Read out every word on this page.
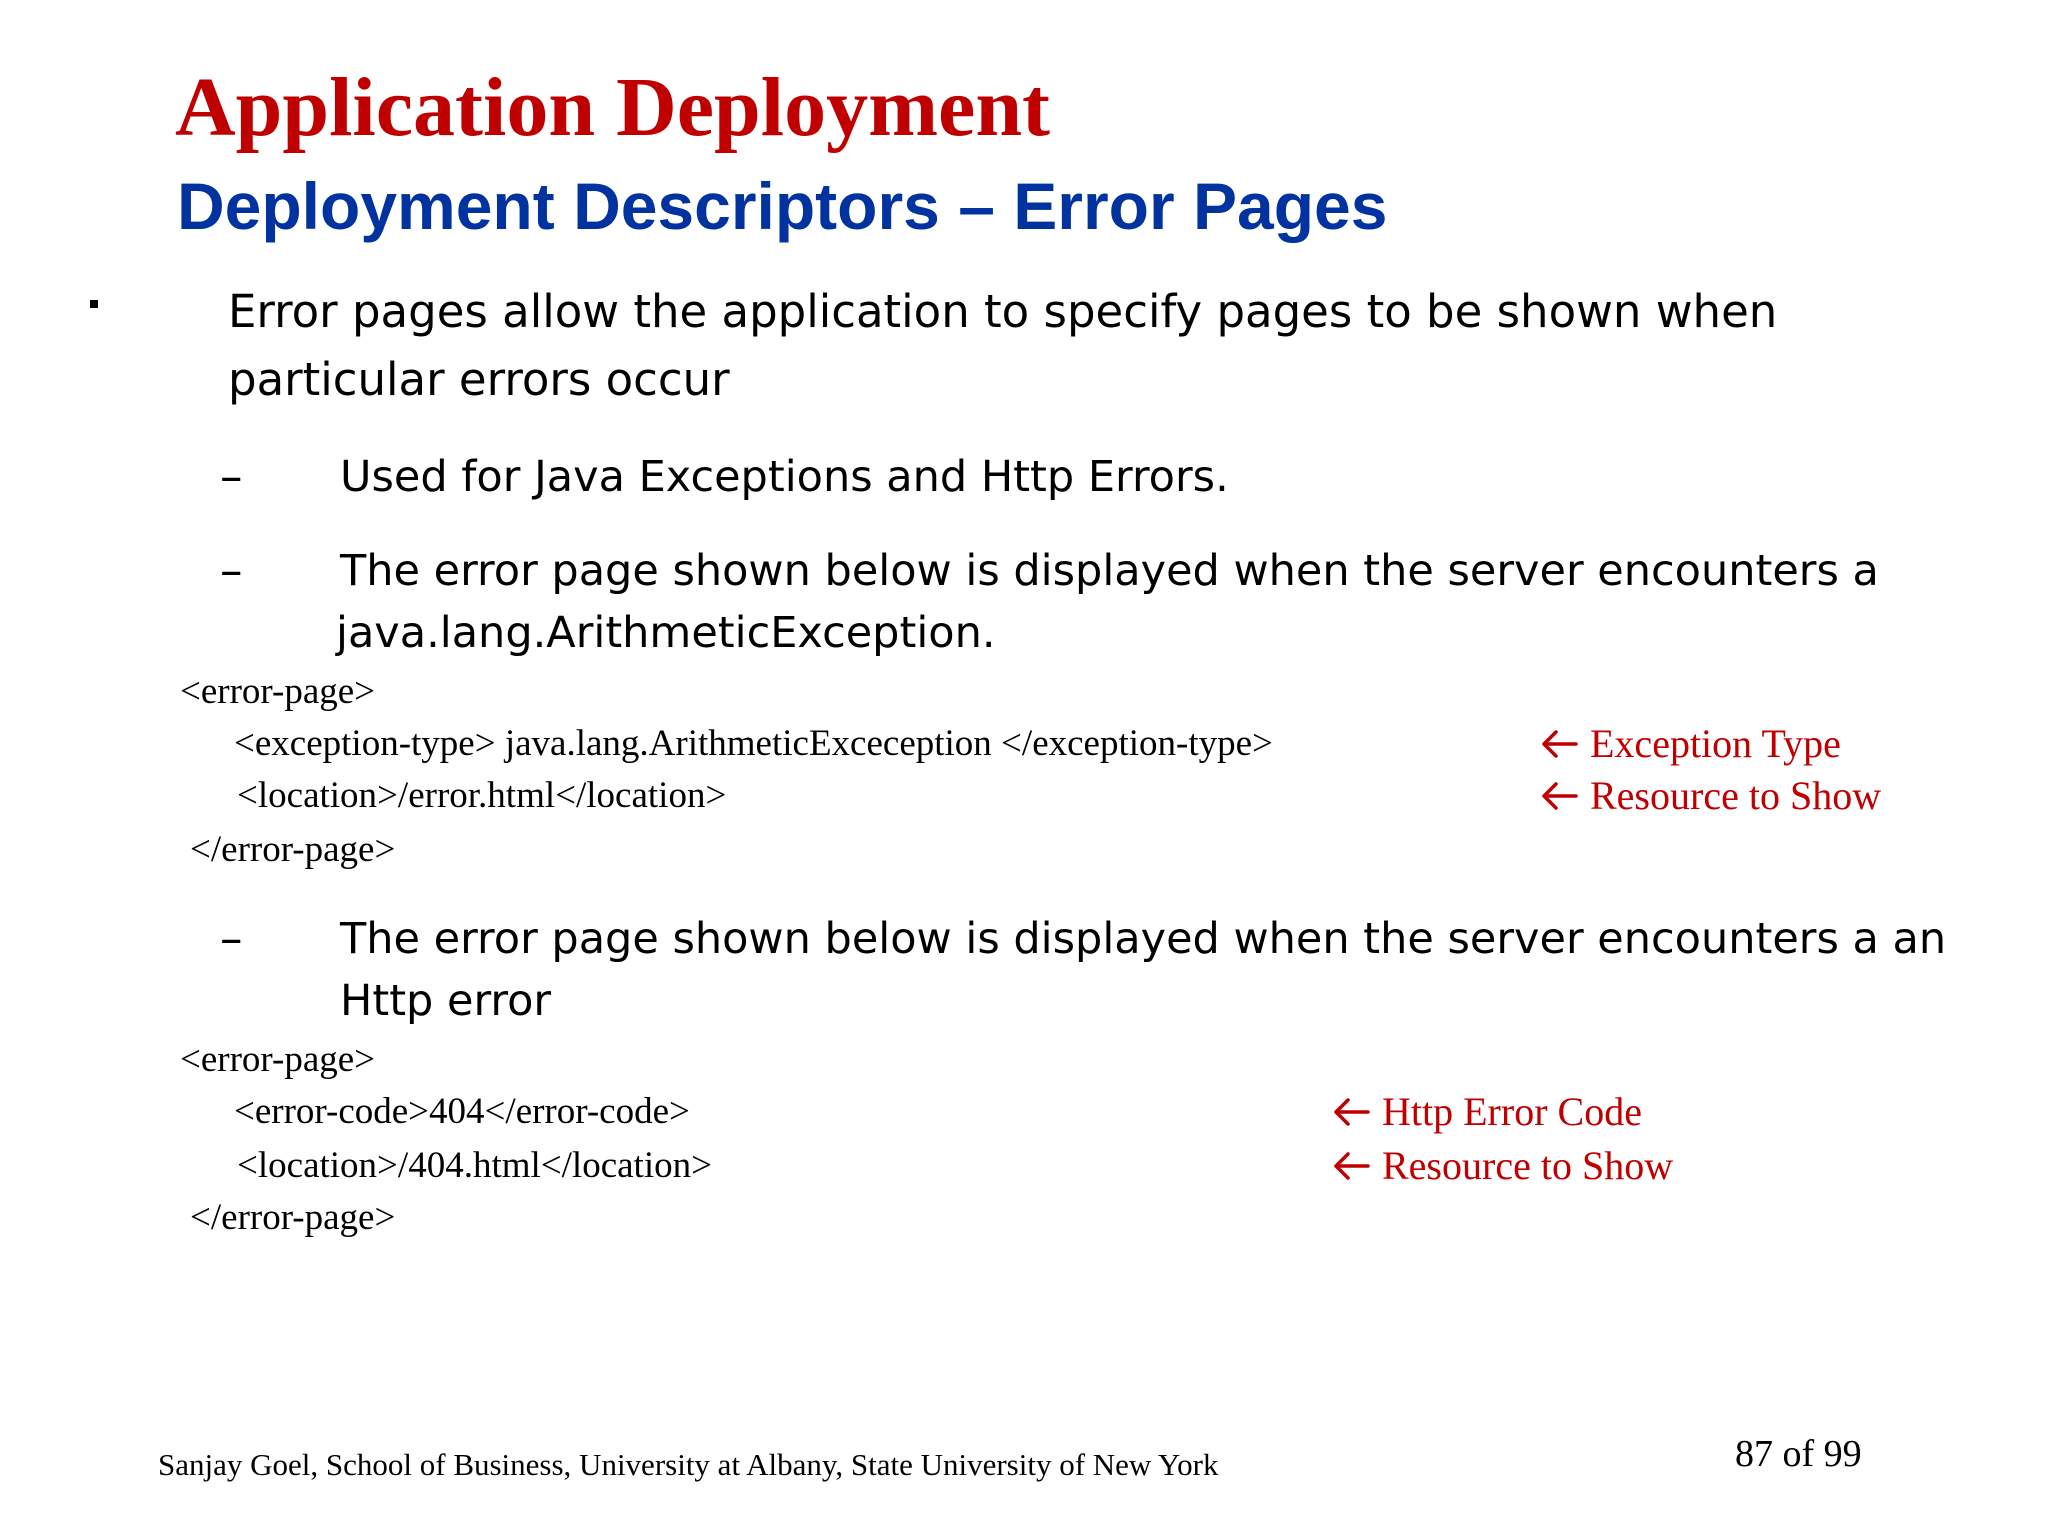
Application Deployment
Deployment Descriptors – Error Pages
Error pages allow the application to specify pages to be shown when
particular errors occur
– Used for Java Exceptions and Http Errors.
– The error page shown below is displayed when the server encounters a
java.lang.ArithmeticException.
<error-page>
<exception-type> java.lang.ArithmeticExceception </exception-type>
<location>/error.html</location>
</error-page>
Exception Type
Resource to Show
– The error page shown below is displayed when the server encounters a an
Http error
<error-page>
<error-code>404</error-code>
<location>/404.html</location>
</error-page>
Http Error Code
Resource to Show
Sanjay Goel, School of Business, University at Albany, State University of New York	87 of 99
